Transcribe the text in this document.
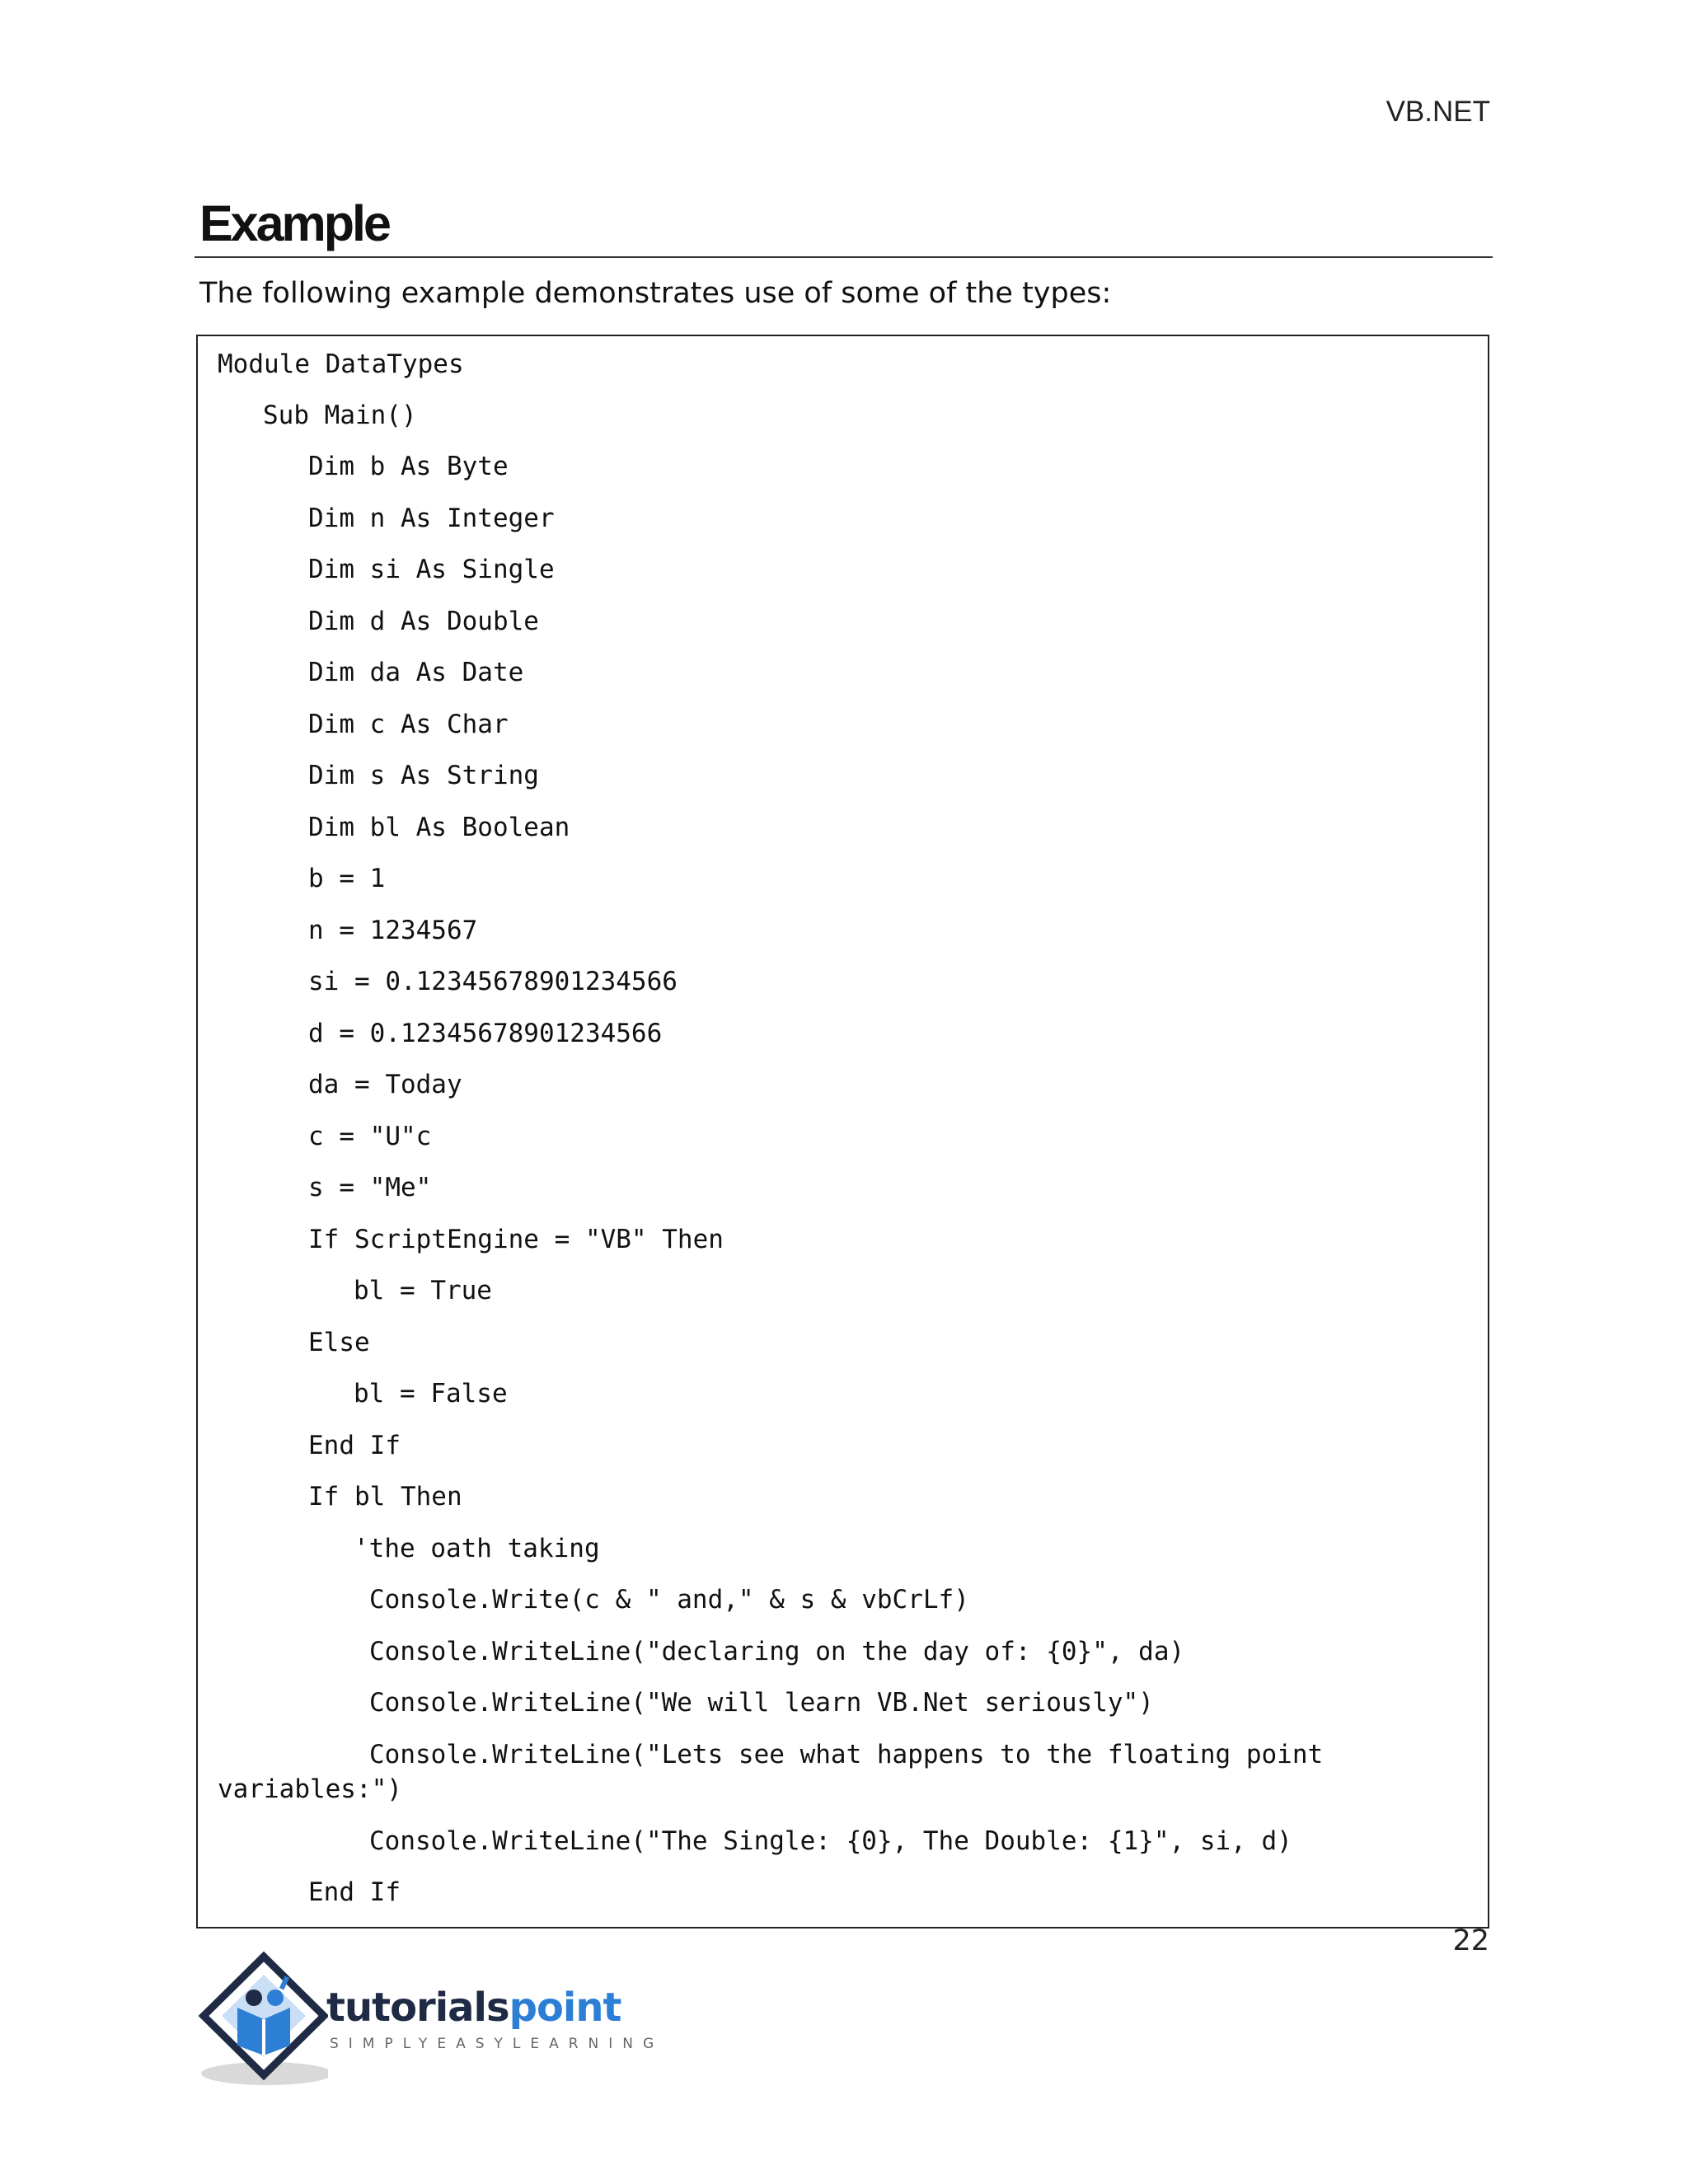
VB.NET
Example

The following example demonstrates use of some of the types:

Module DataTypes
Sub Main()
Dim b As Byte
Dim n As Integer
Dim si As Single
Dim d As Double
Dim da As Date
Dim c As Char
Dim s As String
Dim bl As Boolean
b = 1
n = 1234567
si = 0.12345678901234566
d = 0.12345678901234566
da = Today
c = "U"c
s = "Me"
If ScriptEngine = "VB" Then
bl = True
Else
bl = False
End If
If bl Then
'the oath taking
Console.Write(c & " and," & s & vbCrLf)
Console.WriteLine("declaring on the day of: {0}", da)
Console.WriteLine("We will learn VB.Net seriously")
Console.WriteLine("Lets see what happens to the floating point
variables:")
Console.WriteLine("The Single: {0}, The Double: {1}", si, d)
End If
22
tutorialspoint
SIMPLYEASYLEARNING
